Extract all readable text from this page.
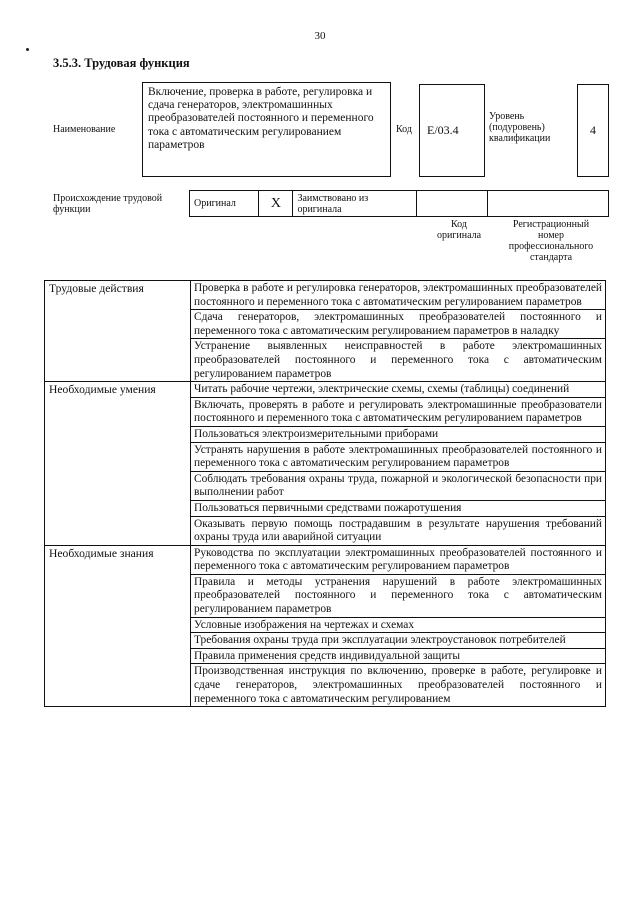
30
3.5.3. Трудовая функция
Наименование
Включение, проверка в работе, регулировка и сдача генераторов, электромашинных преобразователей постоянного и переменного тока с автоматическим регулированием параметров
Код	E/03.4
Уровень (подуровень) квалификации
4
Происхождение трудовой функции
Оригинал	X	Заимствовано из оригинала		
Код оригинала
Регистрационный номер профессионального стандарта
Трудовые действия	Проверка в работе и регулировка генераторов, электромашинных преобразователей постоянного и переменного тока с автоматическим регулированием параметров
	Сдача генераторов, электромашинных преобразователей постоянного и переменного тока с автоматическим регулированием параметров в наладку
	Устранение выявленных неисправностей в работе электромашинных преобразователей постоянного и переменного тока с автоматическим регулированием параметров
Необходимые умения	Читать рабочие чертежи, электрические схемы, схемы (таблицы) соединений
	Включать, проверять в работе и регулировать электромашинные преобразователи постоянного и переменного тока с автоматическим регулированием параметров
	Пользоваться электроизмерительными приборами
	Устранять нарушения в работе электромашинных преобразователей постоянного и переменного тока с автоматическим регулированием параметров
	Соблюдать требования охраны труда, пожарной и экологической безопасности при выполнении работ
	Пользоваться первичными средствами пожаротушения
	Оказывать первую помощь пострадавшим в результате нарушения требований охраны труда или аварийной ситуации
Необходимые знания	Руководства по эксплуатации электромашинных преобразователей постоянного и переменного тока с автоматическим регулированием параметров
	Правила и методы устранения нарушений в работе электромашинных преобразователей постоянного и переменного тока с автоматическим регулированием параметров
	Условные изображения на чертежах и схемах
	Требования охраны труда при эксплуатации электроустановок потребителей
	Правила применения средств индивидуальной защиты
	Производственная инструкция по включению, проверке в работе, регулировке и сдаче генераторов, электромашинных преобразователей постоянного и переменного тока с автоматическим регулированием
